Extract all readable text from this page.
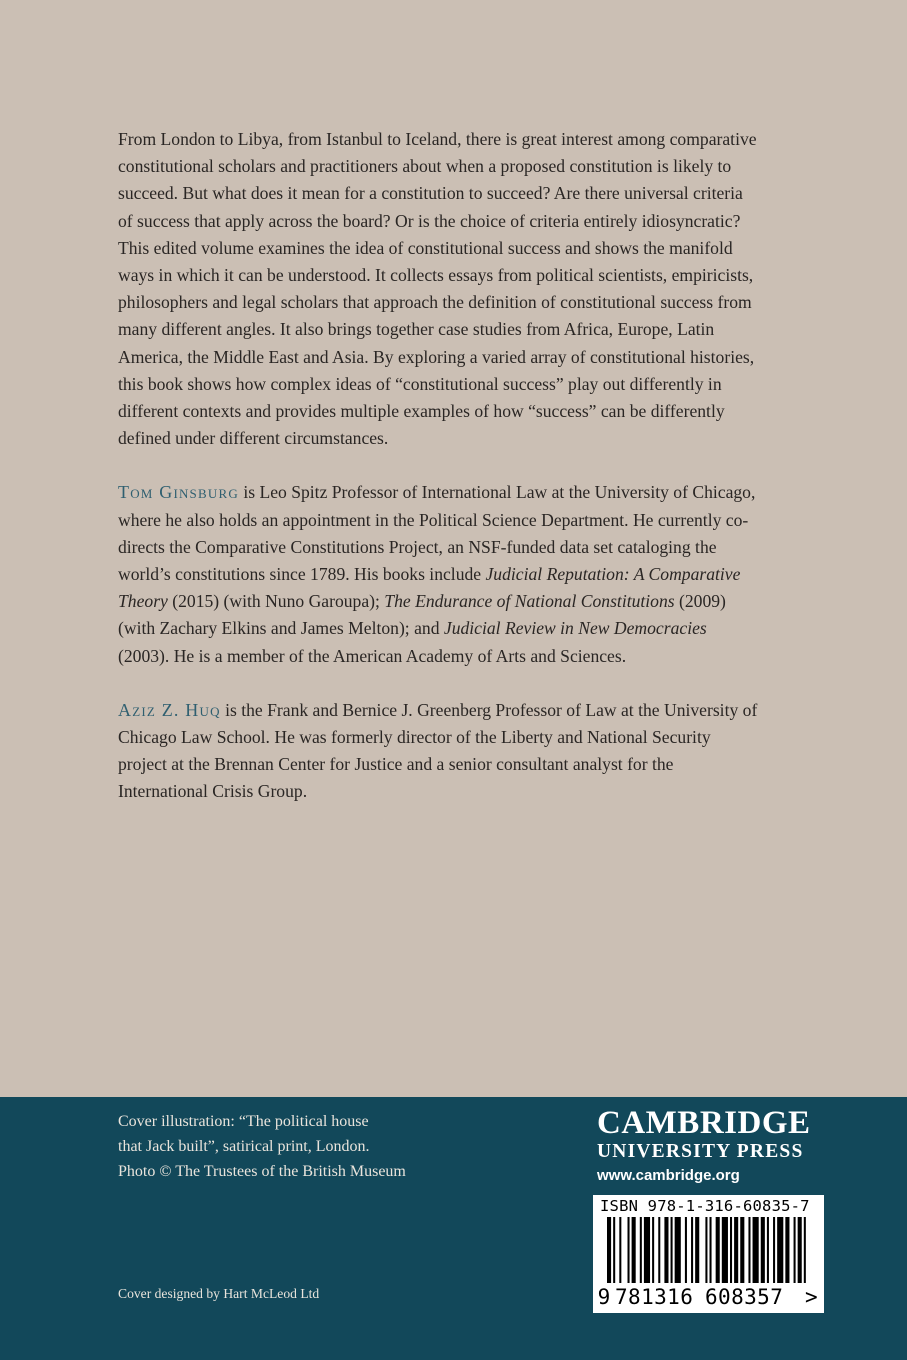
From London to Libya, from Istanbul to Iceland, there is great interest among comparative constitutional scholars and practitioners about when a proposed constitution is likely to succeed. But what does it mean for a constitution to succeed? Are there universal criteria of success that apply across the board? Or is the choice of criteria entirely idiosyncratic? This edited volume examines the idea of constitutional success and shows the manifold ways in which it can be understood. It collects essays from political scientists, empiricists, philosophers and legal scholars that approach the definition of constitutional success from many different angles. It also brings together case studies from Africa, Europe, Latin America, the Middle East and Asia. By exploring a varied array of constitutional histories, this book shows how complex ideas of “constitutional success” play out differently in different contexts and provides multiple examples of how “success” can be differently defined under different circumstances.

Tom Ginsburg is Leo Spitz Professor of International Law at the University of Chicago, where he also holds an appointment in the Political Science Department. He currently co-directs the Comparative Constitutions Project, an NSF-funded data set cataloging the world’s constitutions since 1789. His books include Judicial Reputation: A Comparative Theory (2015) (with Nuno Garoupa); The Endurance of National Constitutions (2009) (with Zachary Elkins and James Melton); and Judicial Review in New Democracies (2003). He is a member of the American Academy of Arts and Sciences.

Aziz Z. Huq is the Frank and Bernice J. Greenberg Professor of Law at the University of Chicago Law School. He was formerly director of the Liberty and National Security project at the Brennan Center for Justice and a senior consultant analyst for the International Crisis Group.

Cover illustration: “The political house
that Jack built”, satirical print, London.
Photo © The Trustees of the British Museum
Cover designed by Hart McLeod Ltd
CAMBRIDGE
UNIVERSITY PRESS
www.cambridge.org
ISBN 978-1-316-60835-7
9 781316 608357 >
